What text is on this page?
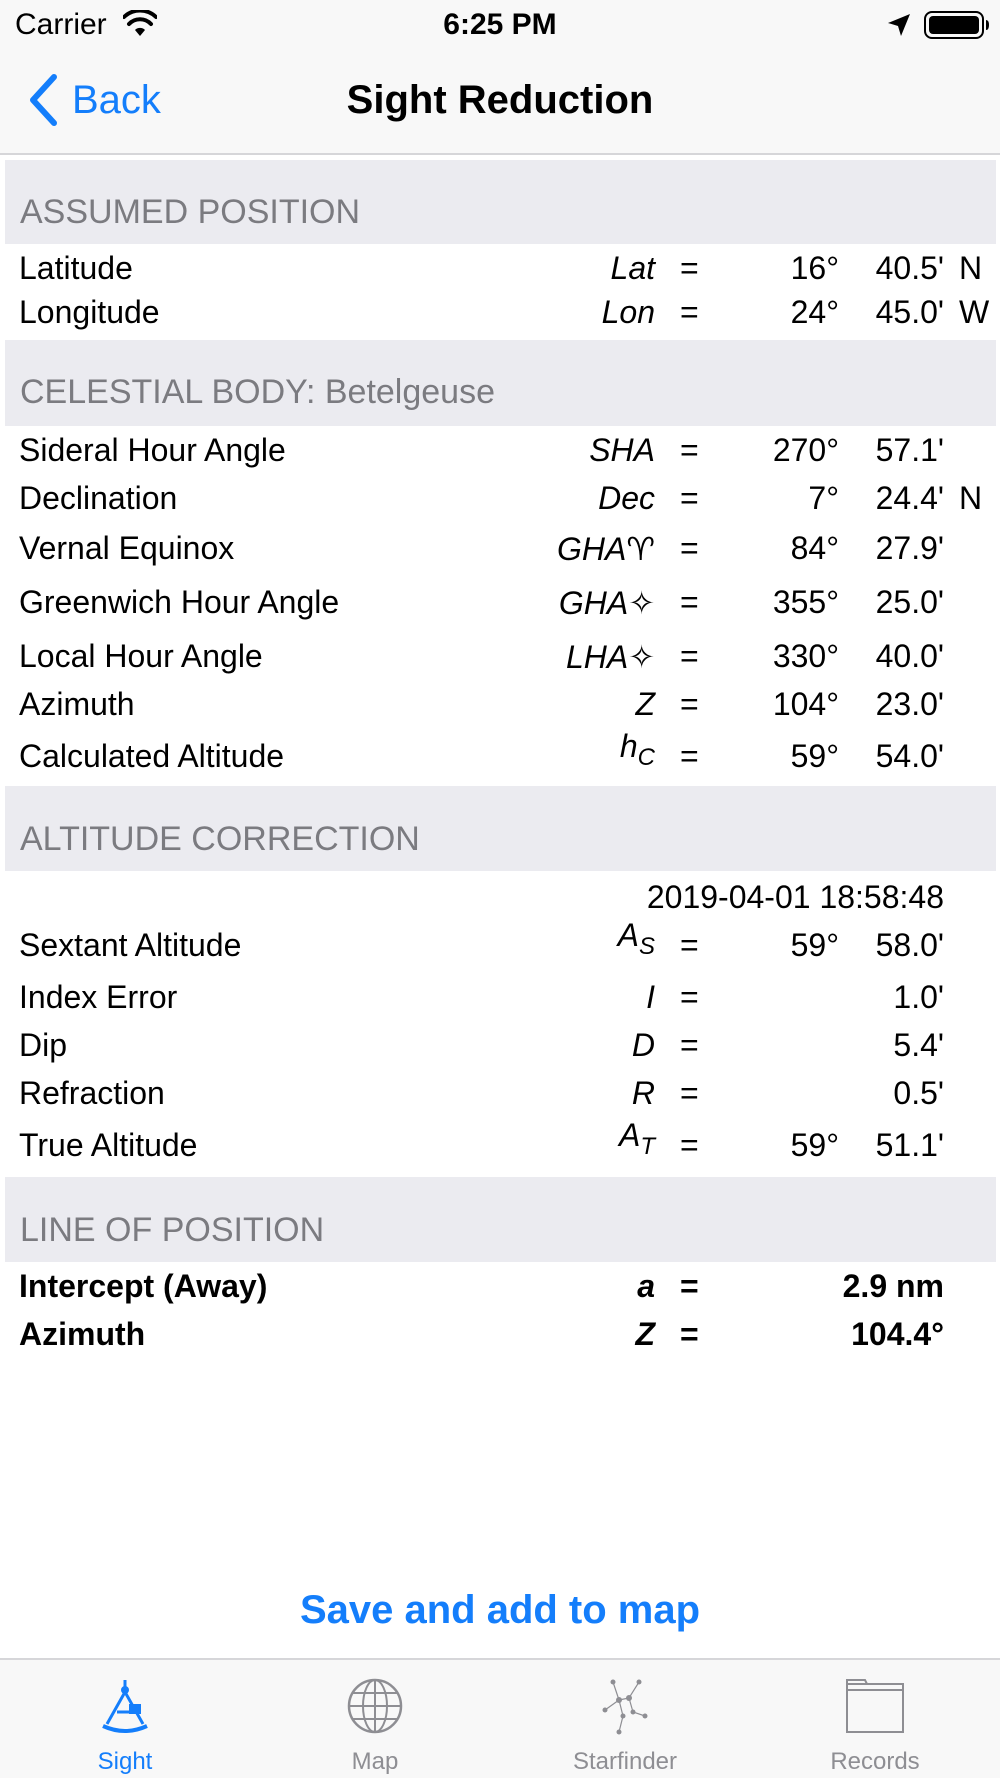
Carrier	6:25 PM
Back	Sight Reduction
ASSUMED POSITION
Latitude	Lat =	16° 40.5' N
Longitude	Lon =	24° 45.0' W
CELESTIAL BODY: Betelgeuse
Sideral Hour Angle	SHA = 270° 57.1'
Declination	Dec =	7° 24.4' N
Vernal Equinox	GHA♈ =	84° 27.9'
Greenwich Hour Angle	GHA✧ = 355° 25.0'
Local Hour Angle	LHA✧ = 330° 40.0'
Azimuth	Z = 104° 23.0'
Calculated Altitude	$h_C$ =	59° 54.0'
ALTITUDE CORRECTION
2019-04-01 18:58:48
Sextant Altitude	$A_S$ =	59° 58.0'
Index Error	I =	1.0'
Dip	D =	5.4'
Refraction	R =	0.5'
True Altitude	$A_T$ =	59° 51.1'
LINE OF POSITION
Intercept (Away)	a =	2.9 nm
Azimuth	Z =	104.4°
Save and add to map
Sight	Map	Starfinder	Records
